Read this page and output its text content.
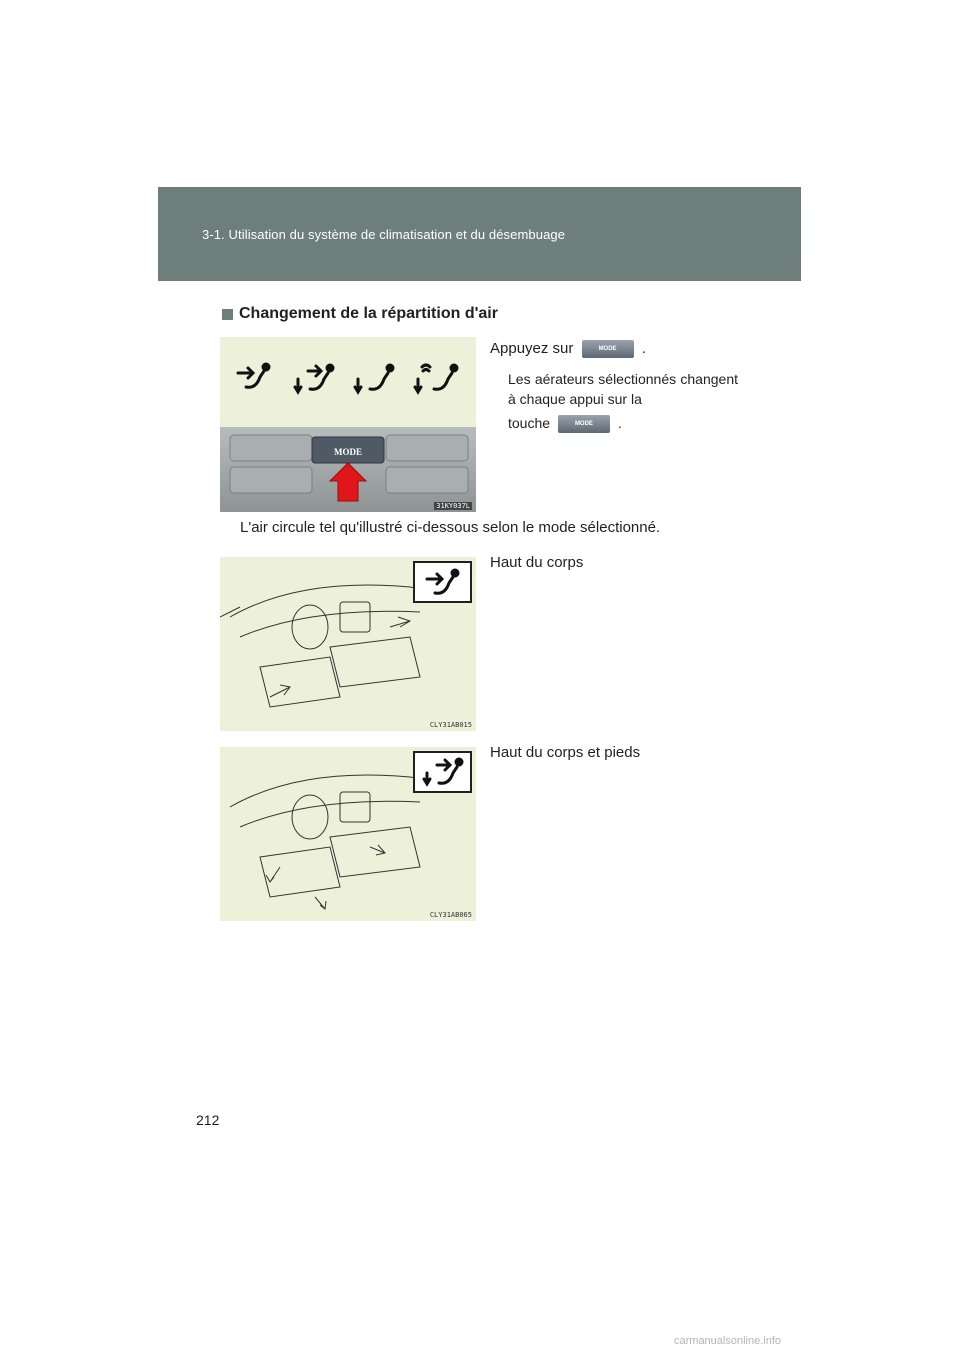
3-1. Utilisation du système de climatisation et du désembuage
Changement de la répartition d'air
MODE
31KY037L
Appuyez sur	MODE .
Les aérateurs sélectionnés changent à chaque appui sur la
touche	MODE .
L'air circule tel qu'illustré ci-dessous selon le mode sélectionné.
CLY31AB015
Haut du corps
CLY31AB065
Haut du corps et pieds
212
carmanualsonline.info
